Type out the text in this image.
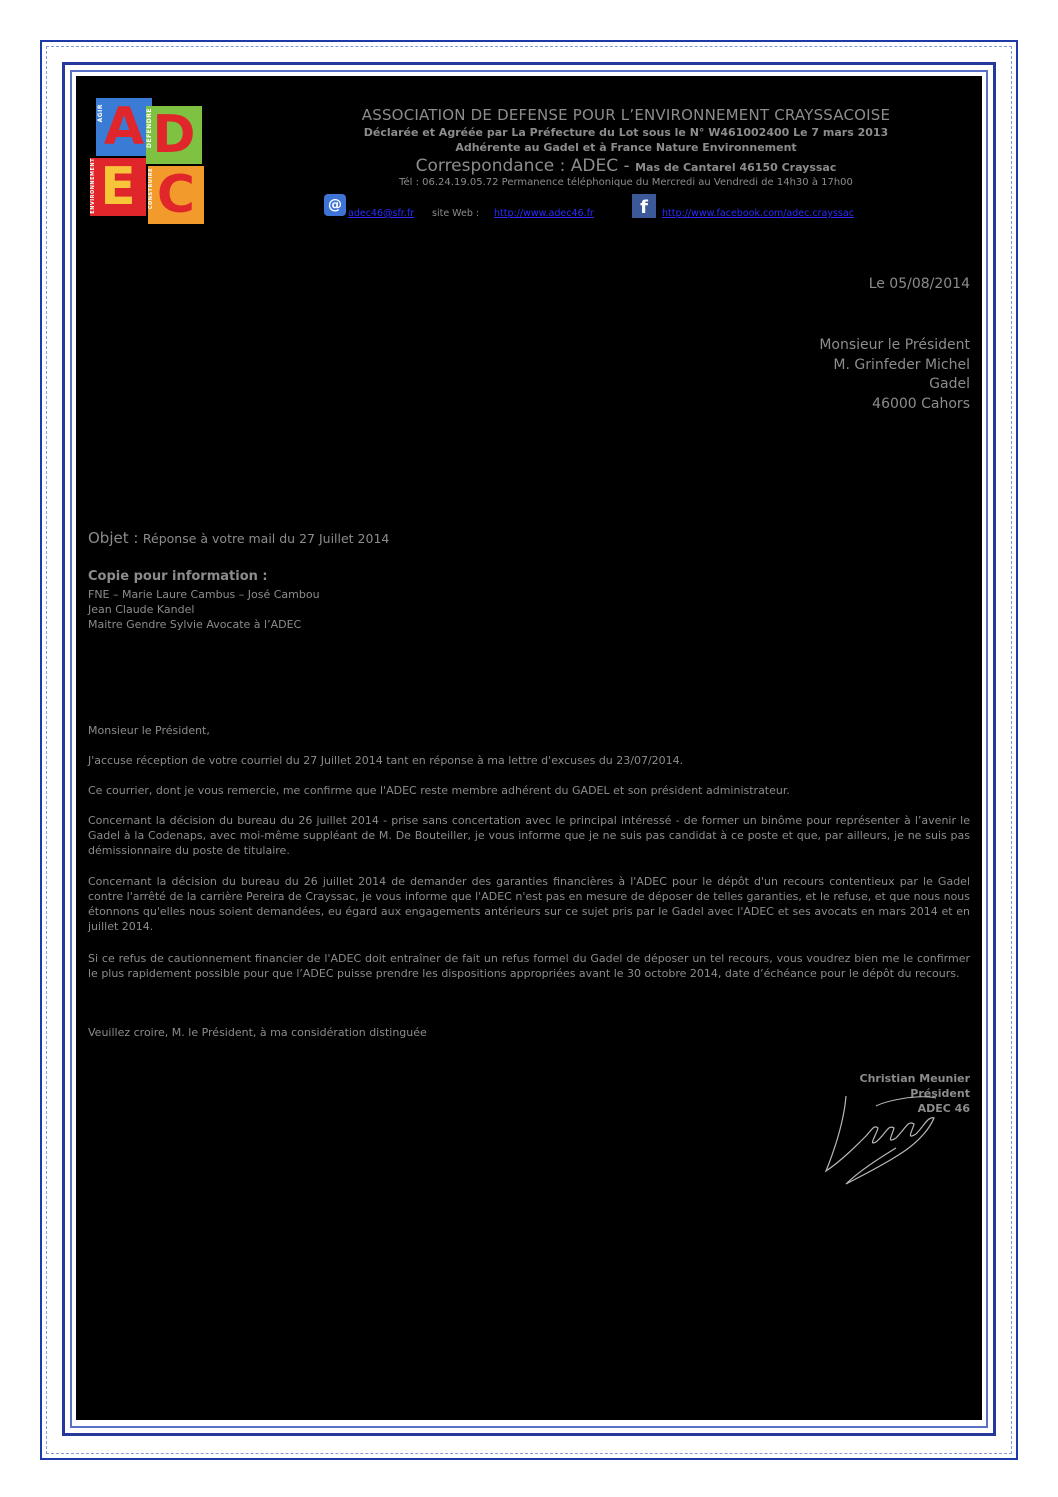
AGIR A DEFENDRE D
ENVIRONNEMENT E CONSTRUIRE C
ASSOCIATION DE DEFENSE POUR L’ENVIRONNEMENT CRAYSSACOISE
Déclarée et Agréée par La Préfecture du Lot sous le N° W461002400 Le 7 mars 2013
Adhérente au Gadel et à France Nature Environnement
Correspondance : ADEC - Mas de Cantarel 46150 Crayssac
Tél : 06.24.19.05.72 Permanence téléphonique du Mercredi au Vendredi de 14h30 à 17h00
@
adec46@sfr.fr site Web : http://www.adec46.fr	f	http://www.facebook.com/adec.crayssac
Le 05/08/2014
Monsieur le Président
M. Grinfeder Michel
Gadel
46000 Cahors
Objet : Réponse à votre mail du 27 Juillet 2014
Copie pour information :
FNE – Marie Laure Cambus – José Cambou
Jean Claude Kandel
Maitre Gendre Sylvie Avocate à l’ADEC
Monsieur le Président,
J'accuse réception de votre courriel du 27 Juillet 2014 tant en réponse à ma lettre d'excuses du 23/07/2014.
Ce courrier, dont je vous remercie, me confirme que l'ADEC reste membre adhérent du GADEL et son président administrateur.
Concernant la décision du bureau du 26 juillet 2014 - prise sans concertation avec le principal intéressé - de former un binôme pour représenter à l’avenir le Gadel à la Codenaps, avec moi-même suppléant de M. De Bouteiller, je vous informe que je ne suis pas candidat à ce poste et que, par ailleurs, je ne suis pas démissionnaire du poste de titulaire.
Concernant la décision du bureau du 26 juillet 2014 de demander des garanties financières à l'ADEC pour le dépôt d'un recours contentieux par le Gadel contre l'arrêté de la carrière Pereira de Crayssac, je vous informe que l'ADEC n'est pas en mesure de déposer de telles garanties, et le refuse, et que nous nous étonnons qu'elles nous soient demandées, eu égard aux engagements antérieurs sur ce sujet pris par le Gadel avec l'ADEC et ses avocats en mars 2014 et en juillet 2014.
Si ce refus de cautionnement financier de l'ADEC doit entraîner de fait un refus formel du Gadel de déposer un tel recours, vous voudrez bien me le confirmer le plus rapidement possible pour que l’ADEC puisse prendre les dispositions appropriées avant le 30 octobre 2014, date d’échéance pour le dépôt du recours.
Veuillez croire, M. le Président, à ma considération distinguée
Christian Meunier
Président
ADEC 46
